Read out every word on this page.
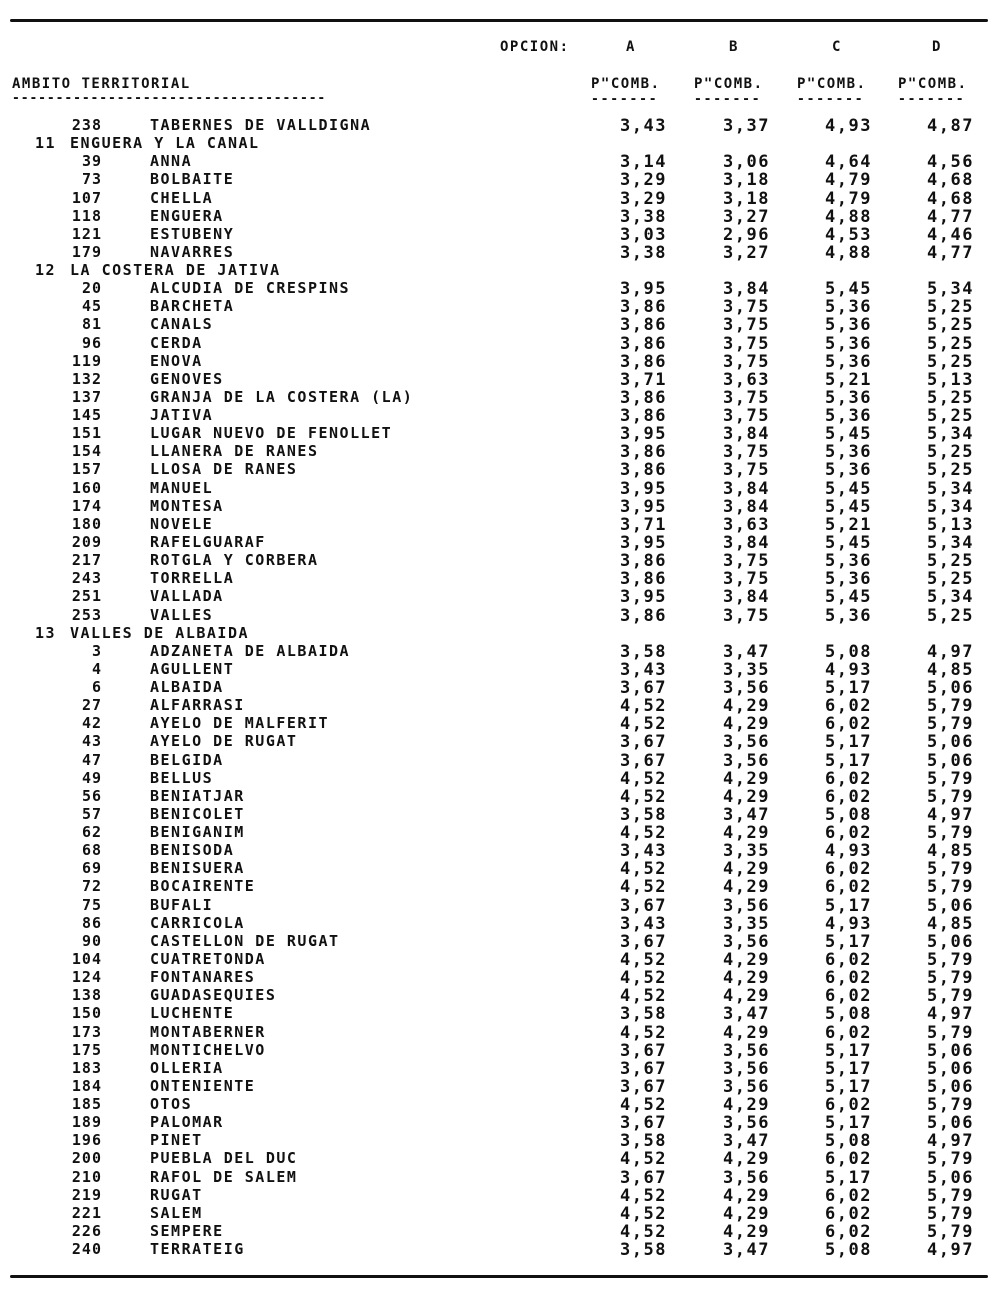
OPCION:	A	B	C	D
AMBITO TERRITORIAL
------------------------------------
P"COMB. P"COMB. P"COMB. P"COMB.
-------	-------	-------	-------
238	TABERNES DE VALLDIGNA	3,43	3,37	4,93	4,87
11 ENGUERA Y LA CANAL
39	ANNA	3,14	3,06	4,64	4,56
73	BOLBAITE	3,29	3,18	4,79	4,68
107	CHELLA	3,29	3,18	4,79	4,68
118	ENGUERA	3,38	3,27	4,88	4,77
121	ESTUBENY	3,03	2,96	4,53	4,46
179	NAVARRES	3,38	3,27	4,88	4,77
12 LA COSTERA DE JATIVA
20	ALCUDIA DE CRESPINS	3,95	3,84	5,45	5,34
45	BARCHETA	3,86	3,75	5,36	5,25
81	CANALS	3,86	3,75	5,36	5,25
96	CERDA	3,86	3,75	5,36	5,25
119	ENOVA	3,86	3,75	5,36	5,25
132	GENOVES	3,71	3,63	5,21	5,13
137	GRANJA DE LA COSTERA (LA)	3,86	3,75	5,36	5,25
145	JATIVA	3,86	3,75	5,36	5,25
151	LUGAR NUEVO DE FENOLLET	3,95	3,84	5,45	5,34
154	LLANERA DE RANES	3,86	3,75	5,36	5,25
157	LLOSA DE RANES	3,86	3,75	5,36	5,25
160	MANUEL	3,95	3,84	5,45	5,34
174	MONTESA	3,95	3,84	5,45	5,34
180	NOVELE	3,71	3,63	5,21	5,13
209	RAFELGUARAF	3,95	3,84	5,45	5,34
217	ROTGLA Y CORBERA	3,86	3,75	5,36	5,25
243	TORRELLA	3,86	3,75	5,36	5,25
251	VALLADA	3,95	3,84	5,45	5,34
253	VALLES	3,86	3,75	5,36	5,25
13 VALLES DE ALBAIDA
3	ADZANETA DE ALBAIDA	3,58	3,47	5,08	4,97
4	AGULLENT	3,43	3,35	4,93	4,85
6	ALBAIDA	3,67	3,56	5,17	5,06
27	ALFARRASI	4,52	4,29	6,02	5,79
42	AYELO DE MALFERIT	4,52	4,29	6,02	5,79
43	AYELO DE RUGAT	3,67	3,56	5,17	5,06
47	BELGIDA	3,67	3,56	5,17	5,06
49	BELLUS	4,52	4,29	6,02	5,79
56	BENIATJAR	4,52	4,29	6,02	5,79
57	BENICOLET	3,58	3,47	5,08	4,97
62	BENIGANIM	4,52	4,29	6,02	5,79
68	BENISODA	3,43	3,35	4,93	4,85
69	BENISUERA	4,52	4,29	6,02	5,79
72	BOCAIRENTE	4,52	4,29	6,02	5,79
75	BUFALI	3,67	3,56	5,17	5,06
86	CARRICOLA	3,43	3,35	4,93	4,85
90	CASTELLON DE RUGAT	3,67	3,56	5,17	5,06
104	CUATRETONDA	4,52	4,29	6,02	5,79
124	FONTANARES	4,52	4,29	6,02	5,79
138	GUADASEQUIES	4,52	4,29	6,02	5,79
150	LUCHENTE	3,58	3,47	5,08	4,97
173	MONTABERNER	4,52	4,29	6,02	5,79
175	MONTICHELVO	3,67	3,56	5,17	5,06
183	OLLERIA	3,67	3,56	5,17	5,06
184	ONTENIENTE	3,67	3,56	5,17	5,06
185	OTOS	4,52	4,29	6,02	5,79
189	PALOMAR	3,67	3,56	5,17	5,06
196	PINET	3,58	3,47	5,08	4,97
200	PUEBLA DEL DUC	4,52	4,29	6,02	5,79
210	RAFOL DE SALEM	3,67	3,56	5,17	5,06
219	RUGAT	4,52	4,29	6,02	5,79
221	SALEM	4,52	4,29	6,02	5,79
226	SEMPERE	4,52	4,29	6,02	5,79
240	TERRATEIG	3,58	3,47	5,08	4,97
